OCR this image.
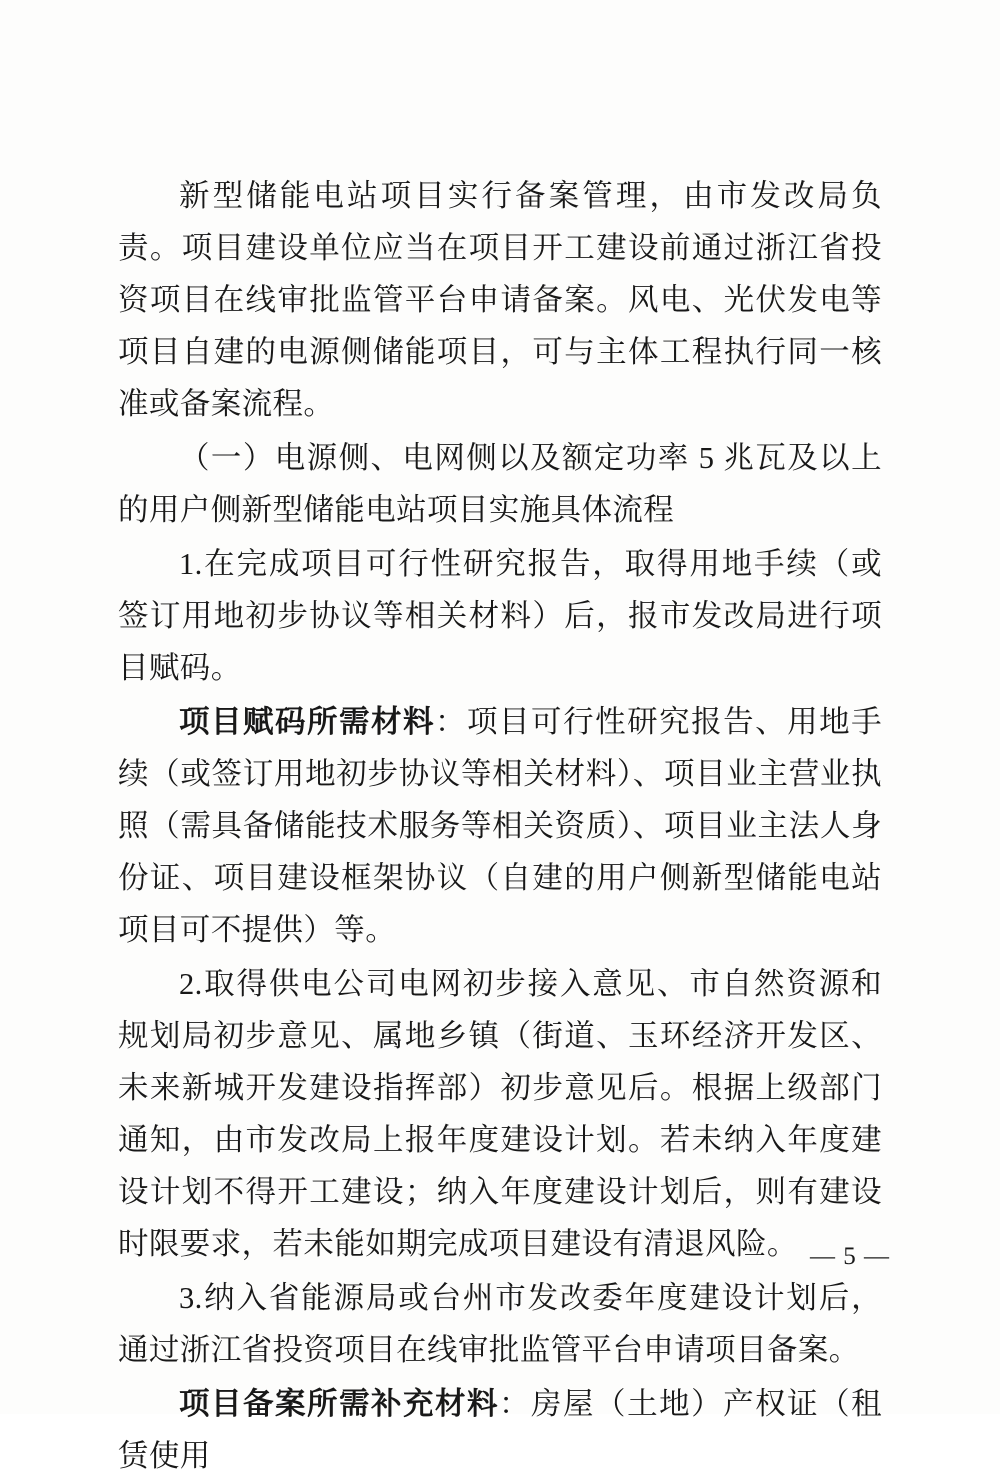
新型储能电站项目实行备案管理，由市发改局负责。项目建设单位应当在项目开工建设前通过浙江省投资项目在线审批监管平台申请备案。风电、光伏发电等项目自建的电源侧储能项目，可与主体工程执行同一核准或备案流程。

（一）电源侧、电网侧以及额定功率 5 兆瓦及以上的用户侧新型储能电站项目实施具体流程

1.在完成项目可行性研究报告，取得用地手续（或签订用地初步协议等相关材料）后，报市发改局进行项目赋码。

项目赋码所需材料：项目可行性研究报告、用地手续（或签订用地初步协议等相关材料）、项目业主营业执照（需具备储能技术服务等相关资质）、项目业主法人身份证、项目建设框架协议（自建的用户侧新型储能电站项目可不提供）等。

2.取得供电公司电网初步接入意见、市自然资源和规划局初步意见、属地乡镇（街道、玉环经济开发区、未来新城开发建设指挥部）初步意见后。根据上级部门通知，由市发改局上报年度建设计划。若未纳入年度建设计划不得开工建设；纳入年度建设计划后，则有建设时限要求，若未能如期完成项目建设有清退风险。

3.纳入省能源局或台州市发改委年度建设计划后，通过浙江省投资项目在线审批监管平台申请项目备案。

项目备案所需补充材料：房屋（土地）产权证（租赁使用

— 5 —
